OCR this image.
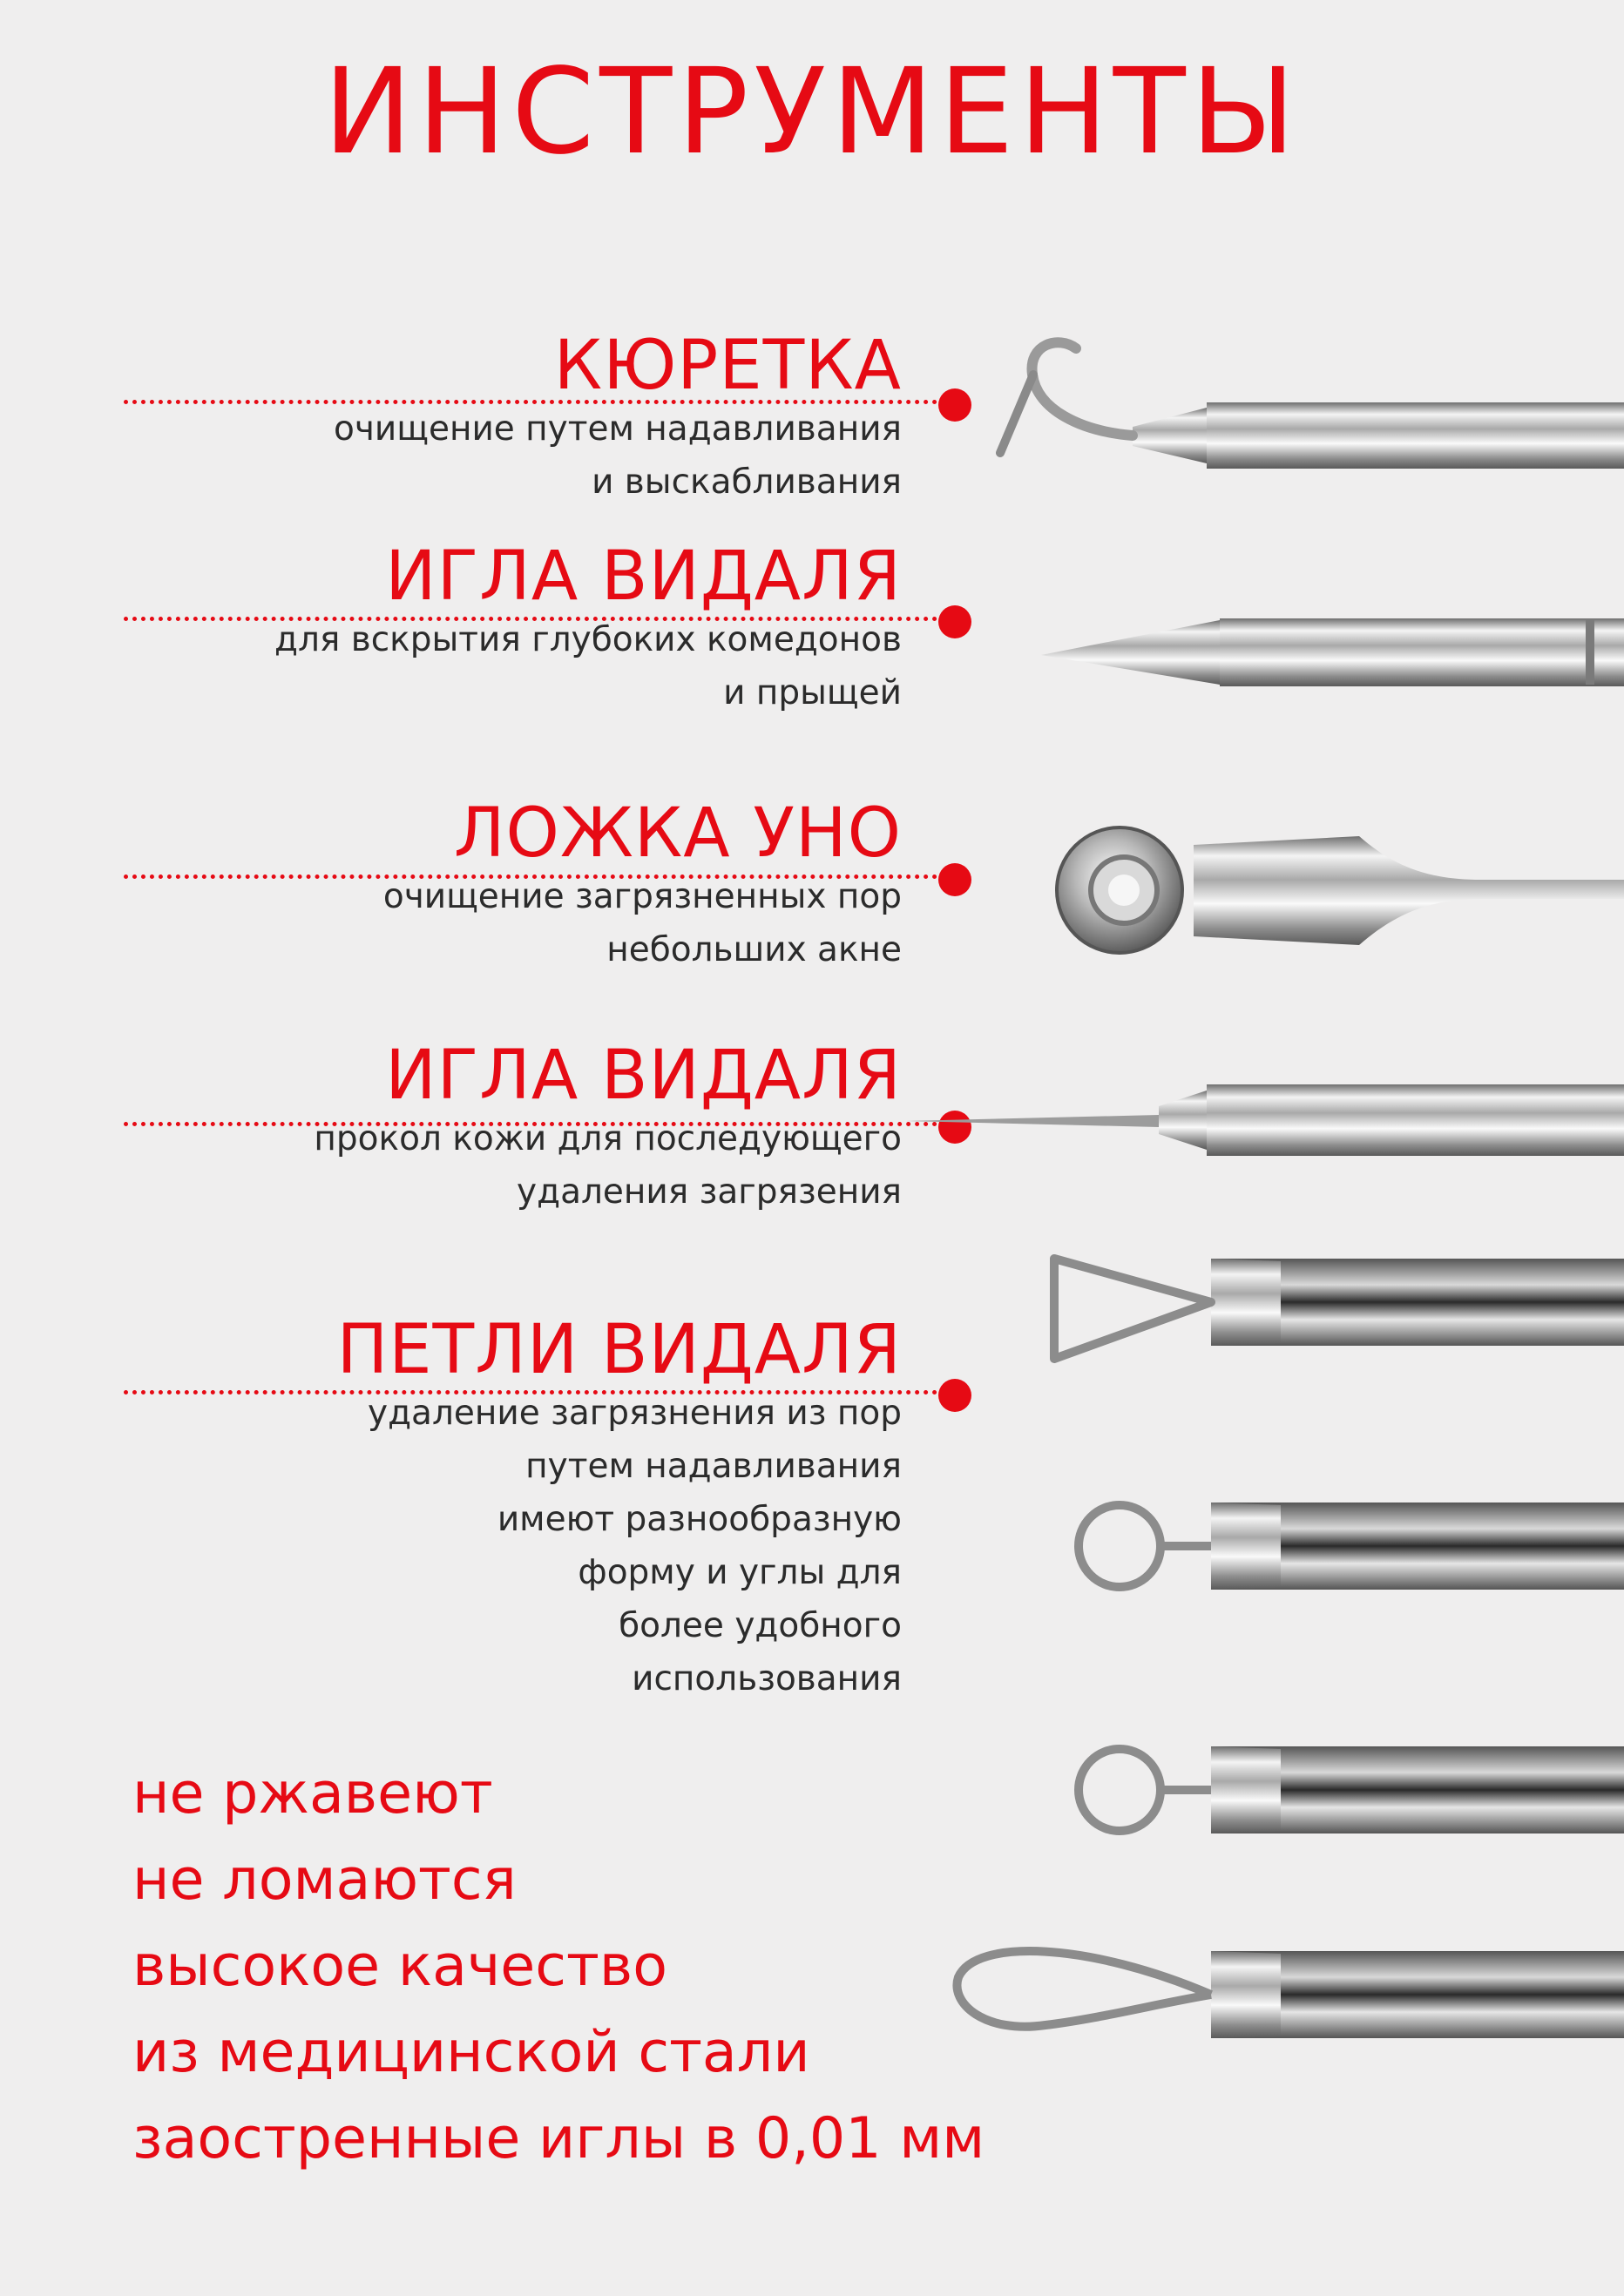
ИНСТРУМЕНТЫ
КЮРЕТКА

очищение путем надавливания

и выскабливания

ИГЛА ВИДАЛЯ

для вскрытия глубоких комедонов

и прыщей

ЛОЖКА УНО

очищение загрязненных пор

небольших акне

ИГЛА ВИДАЛЯ

прокол кожи для последующего

удаления загрязения

ПЕТЛИ ВИДАЛЯ

удаление загрязнения из пор

путем надавливания

имеют разнообразную

форму и углы для

более удобного

использования

не ржавеют
не ломаются
высокое качество
из медицинской стали
заостренные иглы в 0,01 мм
